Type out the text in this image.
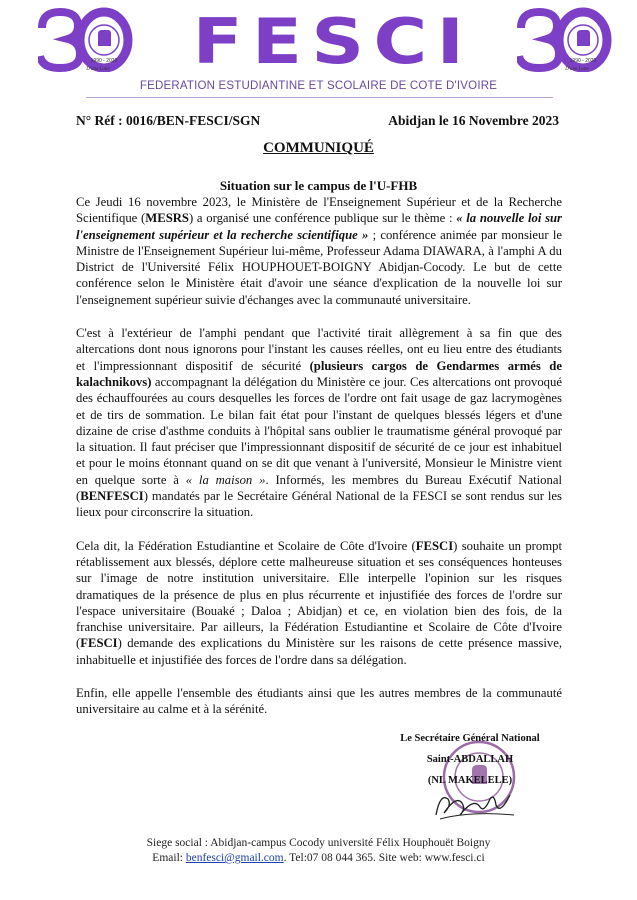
1990 - 2020
D'une Lutte FESCI	1990 - 2020
D'une Lutte
FEDERATION ESTUDIANTINE ET SCOLAIRE DE COTE D'IVOIRE
N° Réf : 0016/BEN-FESCI/SGN	Abidjan le 16 Novembre 2023
COMMUNIQUÉ
Situation sur le campus de l'U-FHB

Ce Jeudi 16 novembre 2023, le Ministère de l'Enseignement Supérieur et de la Recherche Scientifique (MESRS) a organisé une conférence publique sur le thème : « la nouvelle loi sur l'enseignement supérieur et la recherche scientifique » ; conférence animée par monsieur le Ministre de l'Enseignement Supérieur lui-même, Professeur Adama DIAWARA, à l'amphi A du District de l'Université Félix HOUPHOUET-BOIGNY Abidjan-Cocody. Le but de cette conférence selon le Ministère était d'avoir une séance d'explication de la nouvelle loi sur l'enseignement supérieur suivie d'échanges avec la communauté universitaire.

C'est à l'extérieur de l'amphi pendant que l'activité tirait allègrement à sa fin que des altercations dont nous ignorons pour l'instant les causes réelles, ont eu lieu entre des étudiants et l'impressionnant dispositif de sécurité (plusieurs cargos de Gendarmes armés de kalachnikovs) accompagnant la délégation du Ministère ce jour. Ces altercations ont provoqué des échauffourées au cours desquelles les forces de l'ordre ont fait usage de gaz lacrymogènes et de tirs de sommation. Le bilan fait état pour l'instant de quelques blessés légers et d'une dizaine de crise d'asthme conduits à l'hôpital sans oublier le traumatisme général provoqué par la situation. Il faut préciser que l'impressionnant dispositif de sécurité de ce jour est inhabituel et pour le moins étonnant quand on se dit que venant à l'université, Monsieur le Ministre vient en quelque sorte à « la maison ». Informés, les membres du Bureau Exécutif National (BENFESCI) mandatés par le Secrétaire Général National de la FESCI se sont rendus sur les lieux pour circonscrire la situation.

Cela dit, la Fédération Estudiantine et Scolaire de Côte d'Ivoire (FESCI) souhaite un prompt rétablissement aux blessés, déplore cette malheureuse situation et ses conséquences honteuses sur l'image de notre institution universitaire. Elle interpelle l'opinion sur les risques dramatiques de la présence de plus en plus récurrente et injustifiée des forces de l'ordre sur l'espace universitaire (Bouaké ; Daloa ; Abidjan) et ce, en violation bien des fois, de la franchise universitaire. Par ailleurs, la Fédération Estudiantine et Scolaire de Côte d'Ivoire (FESCI) demande des explications du Ministère sur les raisons de cette présence massive, inhabituelle et injustifiée des forces de l'ordre dans sa délégation.

Enfin, elle appelle l'ensemble des étudiants ainsi que les autres membres de la communauté universitaire au calme et à la sérénité.

Le Secrétaire Général National
Saint-ABDALLAH
(NL MAKELELE)
Siege social : Abidjan-campus Cocody université Félix Houphouët Boigny
Email: benfesci@gmail.com. Tel:07 08 044 365. Site web: www.fesci.ci
